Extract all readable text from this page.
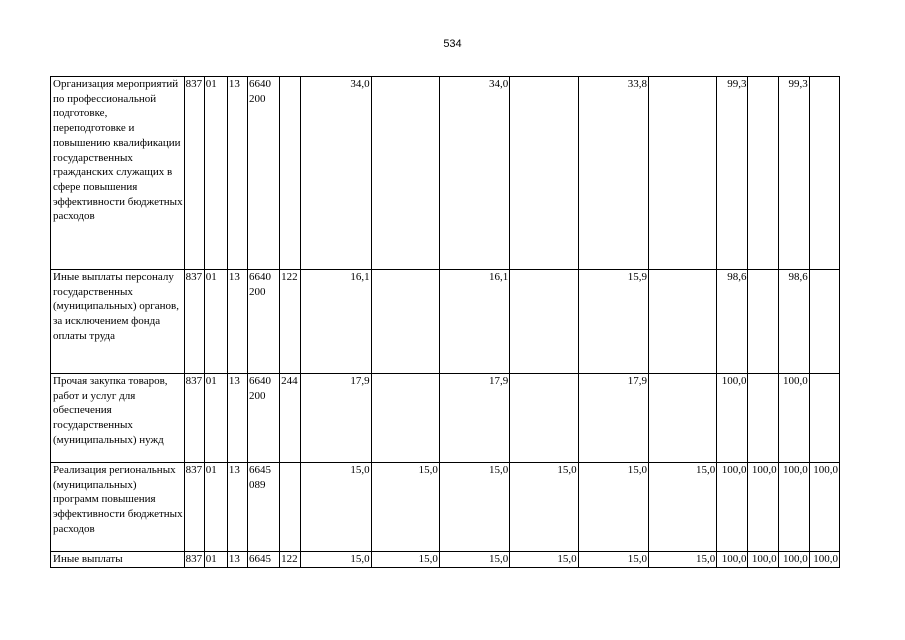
534
Организация мероприятий по профессиональной подготовке, переподготовке и повышению квалификации государственных гражданских служащих в сфере повышения эффективности бюджетных расходов	837	01	13	6640 200		34,0		34,0		33,8		99,3		99,3	
Иные выплаты персоналу государственных (муниципальных) органов, за исключением фонда оплаты труда	837	01	13	6640 200	122	16,1		16,1		15,9		98,6		98,6	
Прочая закупка товаров, работ и услуг для обеспечения государственных (муниципальных) нужд	837	01	13	6640 200	244	17,9		17,9		17,9		100,0		100,0	
Реализация региональных (муниципальных) программ повышения эффективности бюджетных расходов	837	01	13	6645 089		15,0	15,0	15,0	15,0	15,0	15,0	100,0	100,0	100,0	100,0
Иные выплаты	837	01	13	6645	122	15,0	15,0	15,0	15,0	15,0	15,0	100,0	100,0	100,0	100,0
